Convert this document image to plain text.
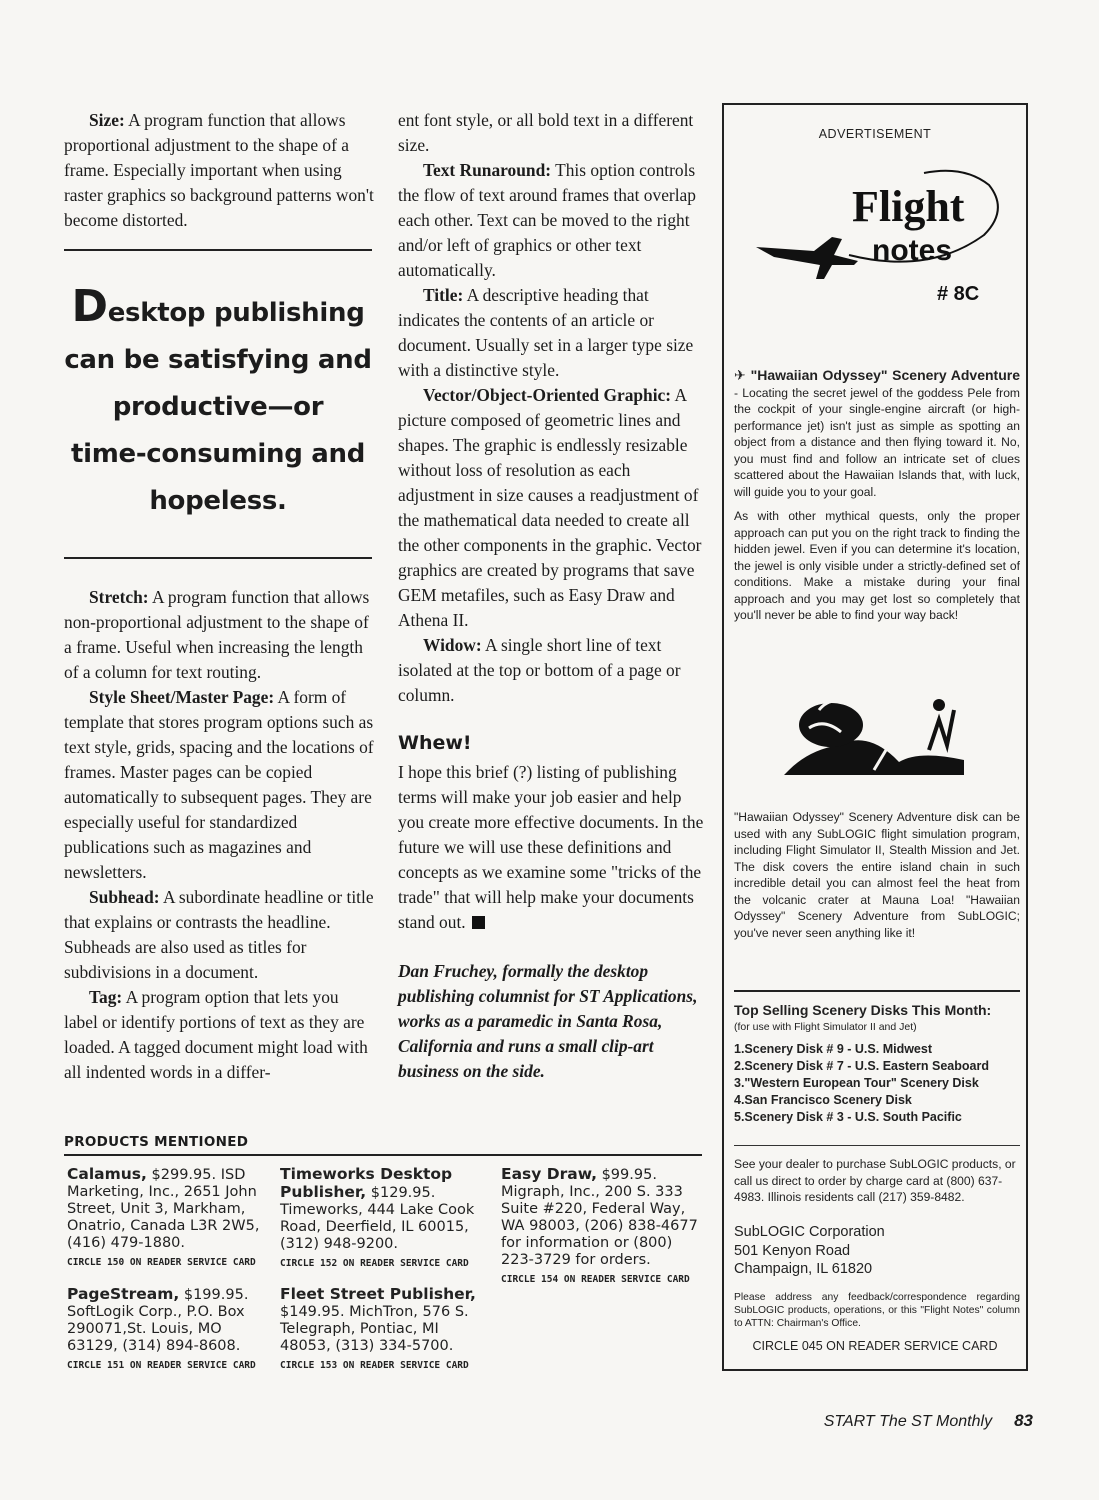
Size: A program function that allows proportional adjustment to the shape of a frame. Especially important when using raster graphics so background patterns won't become distorted.

Desktop publishing
can be satisfying and
productive—or
time-consuming and
hopeless.

Stretch: A program function that allows non-proportional adjustment to the shape of a frame. Useful when increasing the length of a column for text routing.

Style Sheet/Master Page: A form of template that stores program options such as text style, grids, spacing and the locations of frames. Master pages can be copied automatically to subsequent pages. They are especially useful for standardized publications such as magazines and newsletters.

Subhead: A subordinate headline or title that explains or contrasts the headline. Subheads are also used as titles for subdivisions in a document.

Tag: A program option that lets you label or identify portions of text as they are loaded. A tagged document might load with all indented words in a differ-

ent font style, or all bold text in a different size.

Text Runaround: This option controls the flow of text around frames that overlap each other. Text can be moved to the right and/or left of graphics or other text automatically.

Title: A descriptive heading that indicates the contents of an article or document. Usually set in a larger type size with a distinctive style.

Vector/Object-Oriented Graphic: A picture composed of geometric lines and shapes. The graphic is endlessly resizable without loss of resolution as each adjustment in size causes a readjustment of the mathematical data needed to create all the other components in the graphic. Vector graphics are created by programs that save GEM metafiles, such as Easy Draw and Athena II.

Widow: A single short line of text isolated at the top or bottom of a page or column.

Whew!

I hope this brief (?) listing of publishing terms will make your job easier and help you create more effective documents. In the future we will use these definitions and concepts as we examine some "tricks of the trade" that will help make your documents stand out.

Dan Fruchey, formally the desktop publishing columnist for ST Applications, works as a paramedic in Santa Rosa, California and runs a small clip-art business on the side.

PRODUCTS MENTIONED

Calamus, $299.95. ISD Marketing, Inc., 2651 John Street, Unit 3, Markham, Onatrio, Canada L3R 2W5, (416) 479-1880.
CIRCLE 150 ON READER SERVICE CARD
PageStream, $199.95. SoftLogik Corp., P.O. Box 290071,St. Louis, MO 63129, (314) 894-8608.
CIRCLE 151 ON READER SERVICE CARD
Timeworks Desktop Publisher, $129.95. Timeworks, 444 Lake Cook Road, Deerfield, IL 60015, (312) 948-9200.
CIRCLE 152 ON READER SERVICE CARD
Fleet Street Publisher, $149.95. MichTron, 576 S. Telegraph, Pontiac, MI 48053, (313) 334-5700.
CIRCLE 153 ON READER SERVICE CARD
Easy Draw, $99.95. Migraph, Inc., 200 S. 333 Suite #220, Federal Way, WA 98003, (206) 838-4677 for information or (800) 223-3729 for orders.
CIRCLE 154 ON READER SERVICE CARD
ADVERTISEMENT
Flight
notes
# 8C

✈ "Hawaiian Odyssey" Scenery Adventure - Locating the secret jewel of the goddess Pele from the cockpit of your single-engine aircraft (or high-performance jet) isn't just as simple as spotting an object from a distance and then flying toward it. No, you must find and follow an intricate set of clues scattered about the Hawaiian Islands that, with luck, will guide you to your goal.

As with other mythical quests, only the proper approach can put you on the right track to finding the hidden jewel. Even if you can determine it's location, the jewel is only visible under a strictly-defined set of conditions. Make a mistake during your final approach and you may get lost so completely that you'll never be able to find your way back!

"Hawaiian Odyssey" Scenery Adventure disk can be used with any SubLOGIC flight simulation program, including Flight Simulator II, Stealth Mission and Jet. The disk covers the entire island chain in such incredible detail you can almost feel the heat from the volcanic crater at Mauna Loa! "Hawaiian Odyssey" Scenery Adventure from SubLOGIC; you've never seen anything like it!

Top Selling Scenery Disks This Month:

(for use with Flight Simulator II and Jet)

1.Scenery Disk # 9 - U.S. Midwest

2.Scenery Disk # 7 - U.S. Eastern Seaboard

3."Western European Tour" Scenery Disk

4.San Francisco Scenery Disk

5.Scenery Disk # 3 - U.S. South Pacific

See your dealer to purchase SubLOGIC products, or call us direct to order by charge card at (800) 637-4983. Illinois residents call (217) 359-8482.

SubLOGIC Corporation
501 Kenyon Road
Champaign, IL 61820

Please address any feedback/correspondence regarding SubLOGIC products, operations, or this "Flight Notes" column to ATTN: Chairman's Office.

CIRCLE 045 ON READER SERVICE CARD
START The ST Monthly 83
